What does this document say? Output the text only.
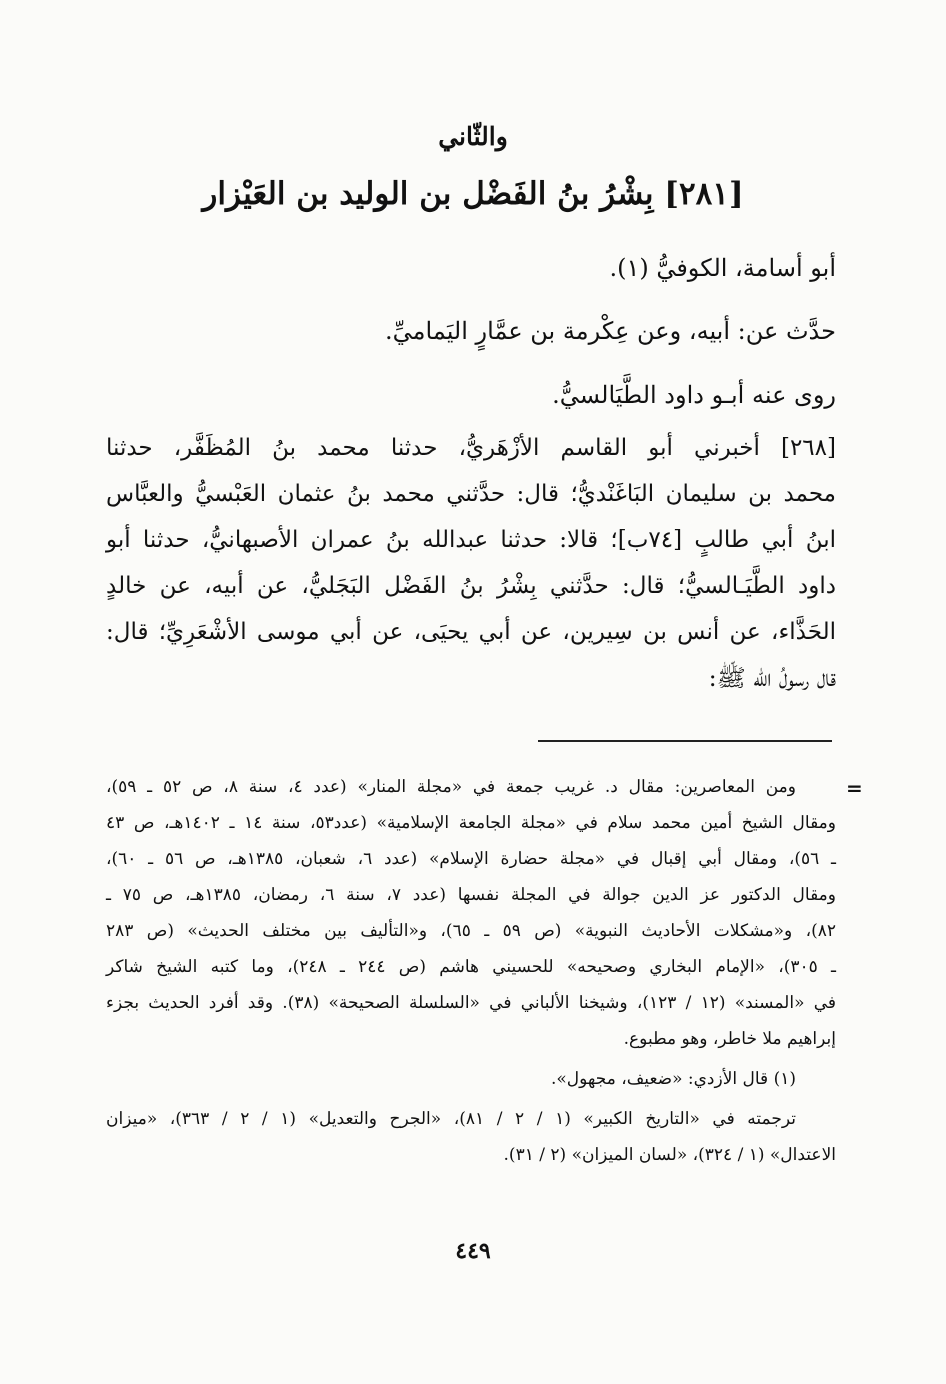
والثّاني
[٢٨١] بِشْرُ بنُ الفَضْل بن الوليد بن العَيْزار
أبو أسامة، الكوفيُّ (١).
حدَّث عن: أبيه، وعن عِكْرمة بن عمَّارٍ اليَماميِّ.
روى عنه أبـو داود الطَّيَالسيُّ.
[٢٦٨] أخبرني أبو القاسم الأزْهَريُّ، حدثنا محمد بنُ المُظَفَّر، حدثنا
محمد بن سليمان البَاغَنْديُّ؛ قال: حدَّثني محمد بنُ عثمان العَبْسيُّ والعبَّاس
ابنُ أبي طالبٍ [٧٤ب]؛ قالا: حدثنا عبدالله بنُ عمران الأصبهانيُّ، حدثنا أبو
داود الطَّيَـالسيُّ؛ قال: حدَّثني بِشْرُ بنُ الفَضْل البَجَليُّ، عن أبيه، عن خالدٍ
الحَذَّاء، عن أنس بن سِيرين، عن أبي يحيَى، عن أبي موسى الأشْعَرِيِّ؛ قال:
قال رسولُ الله ﷺ:
=
ومن المعاصرين: مقال د. غريب جمعة في «مجلة المنار» (عدد ٤، سنة ٨، ص ٥٢ ـ ٥٩)،
ومقال الشيخ أمين محمد سلام في «مجلة الجامعة الإسلامية» (عدد٥٣، سنة ١٤ ـ ١٤٠٢هـ، ص ٤٣
ـ ٥٦)، ومقال أبي إقبال في «مجلة حضارة الإسلام» (عدد ٦، شعبان، ١٣٨٥هـ، ص ٥٦ ـ ٦٠)،
ومقال الدكتور عز الدين جوالة في المجلة نفسها (عدد ٧، سنة ٦، رمضان، ١٣٨٥هـ، ص ٧٥ ـ
٨٢)، و«مشكلات الأحاديث النبوية» (ص ٥٩ ـ ٦٥)، و«التأليف بين مختلف الحديث» (ص ٢٨٣
ـ ٣٠٥)، «الإمام البخاري وصحيحه» للحسيني هاشم (ص ٢٤٤ ـ ٢٤٨)، وما كتبه الشيخ شاكر
في «المسند» (١٢ / ١٢٣)، وشيخنا الألباني في «السلسلة الصحيحة» (٣٨). وقد أفرد الحديث بجزء
إبراهيم ملا خاطر، وهو مطبوع.
(١) قال الأزدي: «ضعيف، مجهول».
ترجمته في «التاريخ الكبير» (١ / ٢ / ٨١)، «الجرح والتعديل» (١ / ٢ / ٣٦٣)، «ميزان
الاعتدال» (١ / ٣٢٤)، «لسان الميزان» (٢ / ٣١).
٤٤٩
